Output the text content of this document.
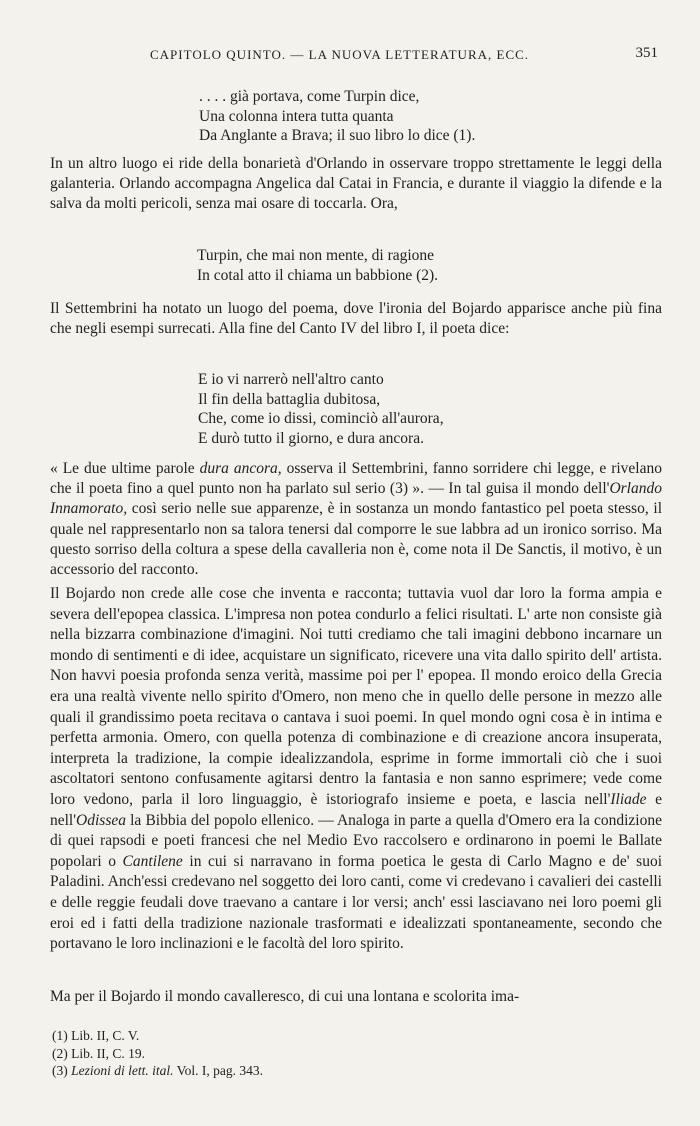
CAPITOLO QUINTO. — LA NUOVA LETTERATURA, ECC.	351
. . . . già portava, come Turpin dice,
Una colonna intera tutta quanta
Da Anglante a Brava; il suo libro lo dice (1).

In un altro luogo ei ride della bonarietà d'Orlando in osservare troppo strettamente le leggi della galanteria. Orlando accompagna Angelica dal Catai in Francia, e durante il viaggio la difende e la salva da molti pericoli, senza mai osare di toccarla. Ora,

Turpin, che mai non mente, di ragione
In cotal atto il chiama un babbione (2).

Il Settembrini ha notato un luogo del poema, dove l'ironia del Bojardo apparisce anche più fina che negli esempi surrecati. Alla fine del Canto IV del libro I, il poeta dice:

E io vi narrerò nell'altro canto
Il fin della battaglia dubitosa,
Che, come io dissi, cominciò all'aurora,
E durò tutto il giorno, e dura ancora.

« Le due ultime parole dura ancora, osserva il Settembrini, fanno sorridere chi legge, e rivelano che il poeta fino a quel punto non ha parlato sul serio (3) ». — In tal guisa il mondo dell'Orlando Innamorato, così serio nelle sue apparenze, è in sostanza un mondo fantastico pel poeta stesso, il quale nel rappresentarlo non sa talora tenersi dal comporre le sue labbra ad un ironico sorriso. Ma questo sorriso della coltura a spese della cavalleria non è, come nota il De Sanctis, il motivo, è un accessorio del racconto.

Il Bojardo non crede alle cose che inventa e racconta; tuttavia vuol dar loro la forma ampia e severa dell'epopea classica. L'impresa non potea condurlo a felici risultati. L' arte non consiste già nella bizzarra combinazione d'imagini. Noi tutti crediamo che tali imagini debbono incarnare un mondo di sentimenti e di idee, acquistare un significato, ricevere una vita dallo spirito dell' artista. Non havvi poesia profonda senza verità, massime poi per l' epopea. Il mondo eroico della Grecia era una realtà vivente nello spirito d'Omero, non meno che in quello delle persone in mezzo alle quali il grandissimo poeta recitava o cantava i suoi poemi. In quel mondo ogni cosa è in intima e perfetta armonia. Omero, con quella potenza di combinazione e di creazione ancora insuperata, interpreta la tradizione, la compie idealizzandola, esprime in forme immortali ciò che i suoi ascoltatori sentono confusamente agitarsi dentro la fantasia e non sanno esprimere; vede come loro vedono, parla il loro linguaggio, è istoriografo insieme e poeta, e lascia nell'Iliade e nell'Odissea la Bibbia del popolo ellenico. — Analoga in parte a quella d'Omero era la condizione di quei rapsodi e poeti francesi che nel Medio Evo raccolsero e ordinarono in poemi le Ballate popolari o Cantilene in cui si narravano in forma poetica le gesta di Carlo Magno e de' suoi Paladini. Anch'essi credevano nel soggetto dei loro canti, come vi credevano i cavalieri dei castelli e delle reggie feudali dove traevano a cantare i lor versi; anch' essi lasciavano nei loro poemi gli eroi ed i fatti della tradizione nazionale trasformati e idealizzati spontaneamente, secondo che portavano le loro inclinazioni e le facoltà del loro spirito.

Ma per il Bojardo il mondo cavalleresco, di cui una lontana e scolorita ima-

(1) Lib. II, C. V.
(2) Lib. II, C. 19.
(3) Lezioni di lett. ital. Vol. I, pag. 343.
